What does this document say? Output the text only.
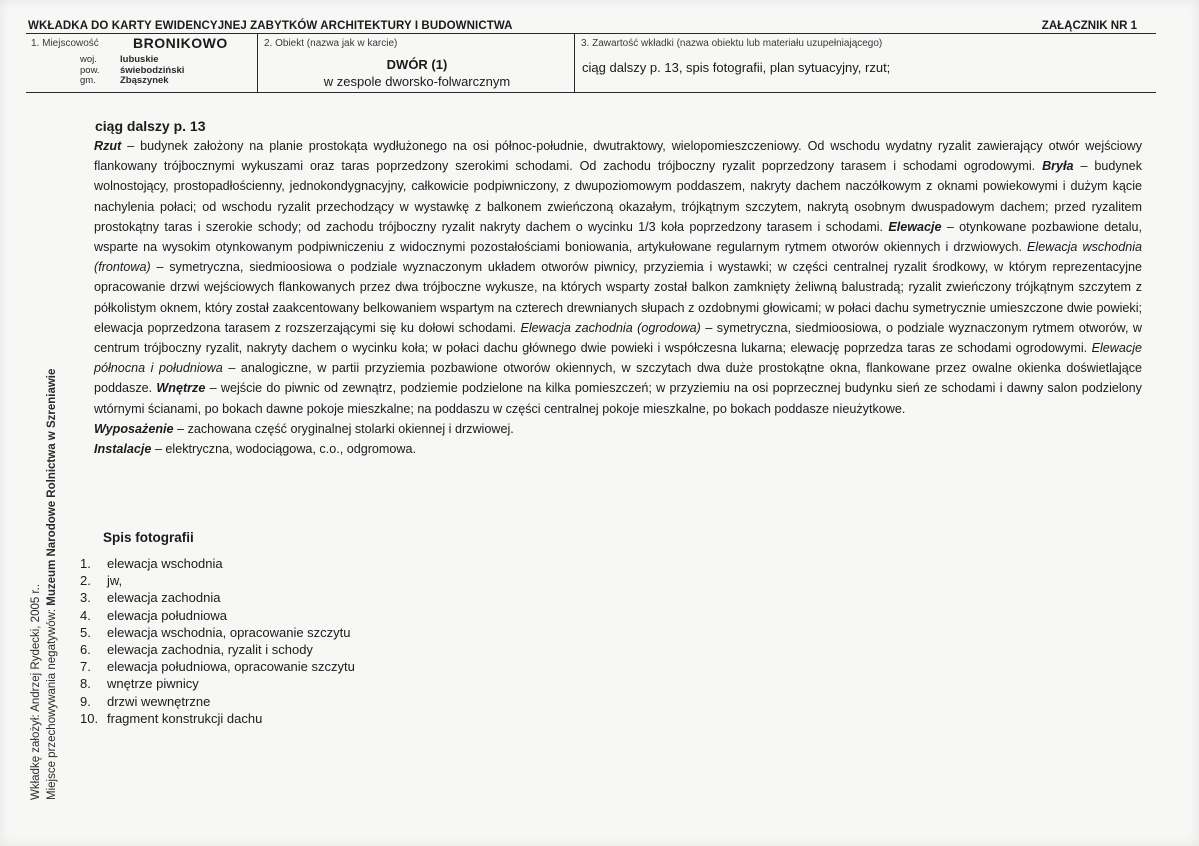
WKŁADKA DO KARTY EWIDENCYJNEJ ZABYTKÓW ARCHITEKTURY I BUDOWNICTWA	ZAŁĄCZNIK NR 1
1. Miejscowość BRONIKOWO
woj.	lubuskie
pow.	świebodziński
gm.	Zbąszynek
2. Obiekt (nazwa jak w karcie)
DWÓR (1)
w zespole dworsko-folwarcznym
3. Zawartość wkładki (nazwa obiektu lub materiału uzupełniającego)
ciąg dalszy p. 13, spis fotografii, plan sytuacyjny, rzut;
ciąg dalszy p. 13

Rzut – budynek założony na planie prostokąta wydłużonego na osi północ-południe, dwutraktowy, wielopomieszczeniowy. Od wschodu wydatny ryzalit zawierający otwór wejściowy flankowany trójbocznymi wykuszami oraz taras poprzedzony szerokimi schodami. Od zachodu trójboczny ryzalit poprzedzony tarasem i schodami ogrodowymi. Bryła – budynek wolnostojący, prostopadłościenny, jednokondygnacyjny, całkowicie podpiwniczony, z dwupoziomowym poddaszem, nakryty dachem naczółkowym z oknami powiekowymi i dużym kącie nachylenia połaci; od wschodu ryzalit przechodzący w wystawkę z balkonem zwieńczoną okazałym, trójkątnym szczytem, nakrytą osobnym dwuspadowym dachem; przed ryzalitem prostokątny taras i szerokie schody; od zachodu trójboczny ryzalit nakryty dachem o wycinku 1/3 koła poprzedzony tarasem i schodami. Elewacje – otynkowane pozbawione detalu, wsparte na wysokim otynkowanym podpiwniczeniu z widocznymi pozostałościami boniowania, artykułowane regularnym rytmem otworów okiennych i drzwiowych. Elewacja wschodnia (frontowa) – symetryczna, siedmioosiowa o podziale wyznaczonym układem otworów piwnicy, przyziemia i wystawki; w części centralnej ryzalit środkowy, w którym reprezentacyjne opracowanie drzwi wejściowych flankowanych przez dwa trójboczne wykusze, na których wsparty został balkon zamknięty żeliwną balustradą; ryzalit zwieńczony trójkątnym szczytem z półkolistym oknem, który został zaakcentowany belkowaniem wspartym na czterech drewnianych słupach z ozdobnymi głowicami; w połaci dachu symetrycznie umieszczone dwie powieki; elewacja poprzedzona tarasem z rozszerzającymi się ku dołowi schodami. Elewacja zachodnia (ogrodowa) – symetryczna, siedmioosiowa, o podziale wyznaczonym rytmem otworów, w centrum trójboczny ryzalit, nakryty dachem o wycinku koła; w połaci dachu głównego dwie powieki i współczesna lukarna; elewację poprzedza taras ze schodami ogrodowymi. Elewacje północna i południowa – analogiczne, w partii przyziemia pozbawione otworów okiennych, w szczytach dwa duże prostokątne okna, flankowane przez owalne okienka doświetlające poddasze. Wnętrze – wejście do piwnic od zewnątrz, podziemie podzielone na kilka pomieszczeń; w przyziemiu na osi poprzecznej budynku sień ze schodami i dawny salon podzielony wtórnymi ścianami, po bokach dawne pokoje mieszkalne; na poddaszu w części centralnej pokoje mieszkalne, po bokach poddasze nieużytkowe.

Wyposażenie – zachowana część oryginalnej stolarki okiennej i drzwiowej.

Instalacje – elektryczna, wodociągowa, c.o., odgromowa.

Spis fotografii
1.	elewacja wschodnia
2.	jw,
3.	elewacja zachodnia
4.	elewacja południowa
5.	elewacja wschodnia, opracowanie szczytu
6.	elewacja zachodnia, ryzalit i schody
7.	elewacja południowa, opracowanie szczytu
8.	wnętrze piwnicy
9.	drzwi wewnętrzne
10. fragment konstrukcji dachu
Wkładkę założył: Andrzej Rydecki, 2005 r.. Miejsce przechowywania negatywów: Muzeum Narodowe Rolnictwa w Szreniawie
